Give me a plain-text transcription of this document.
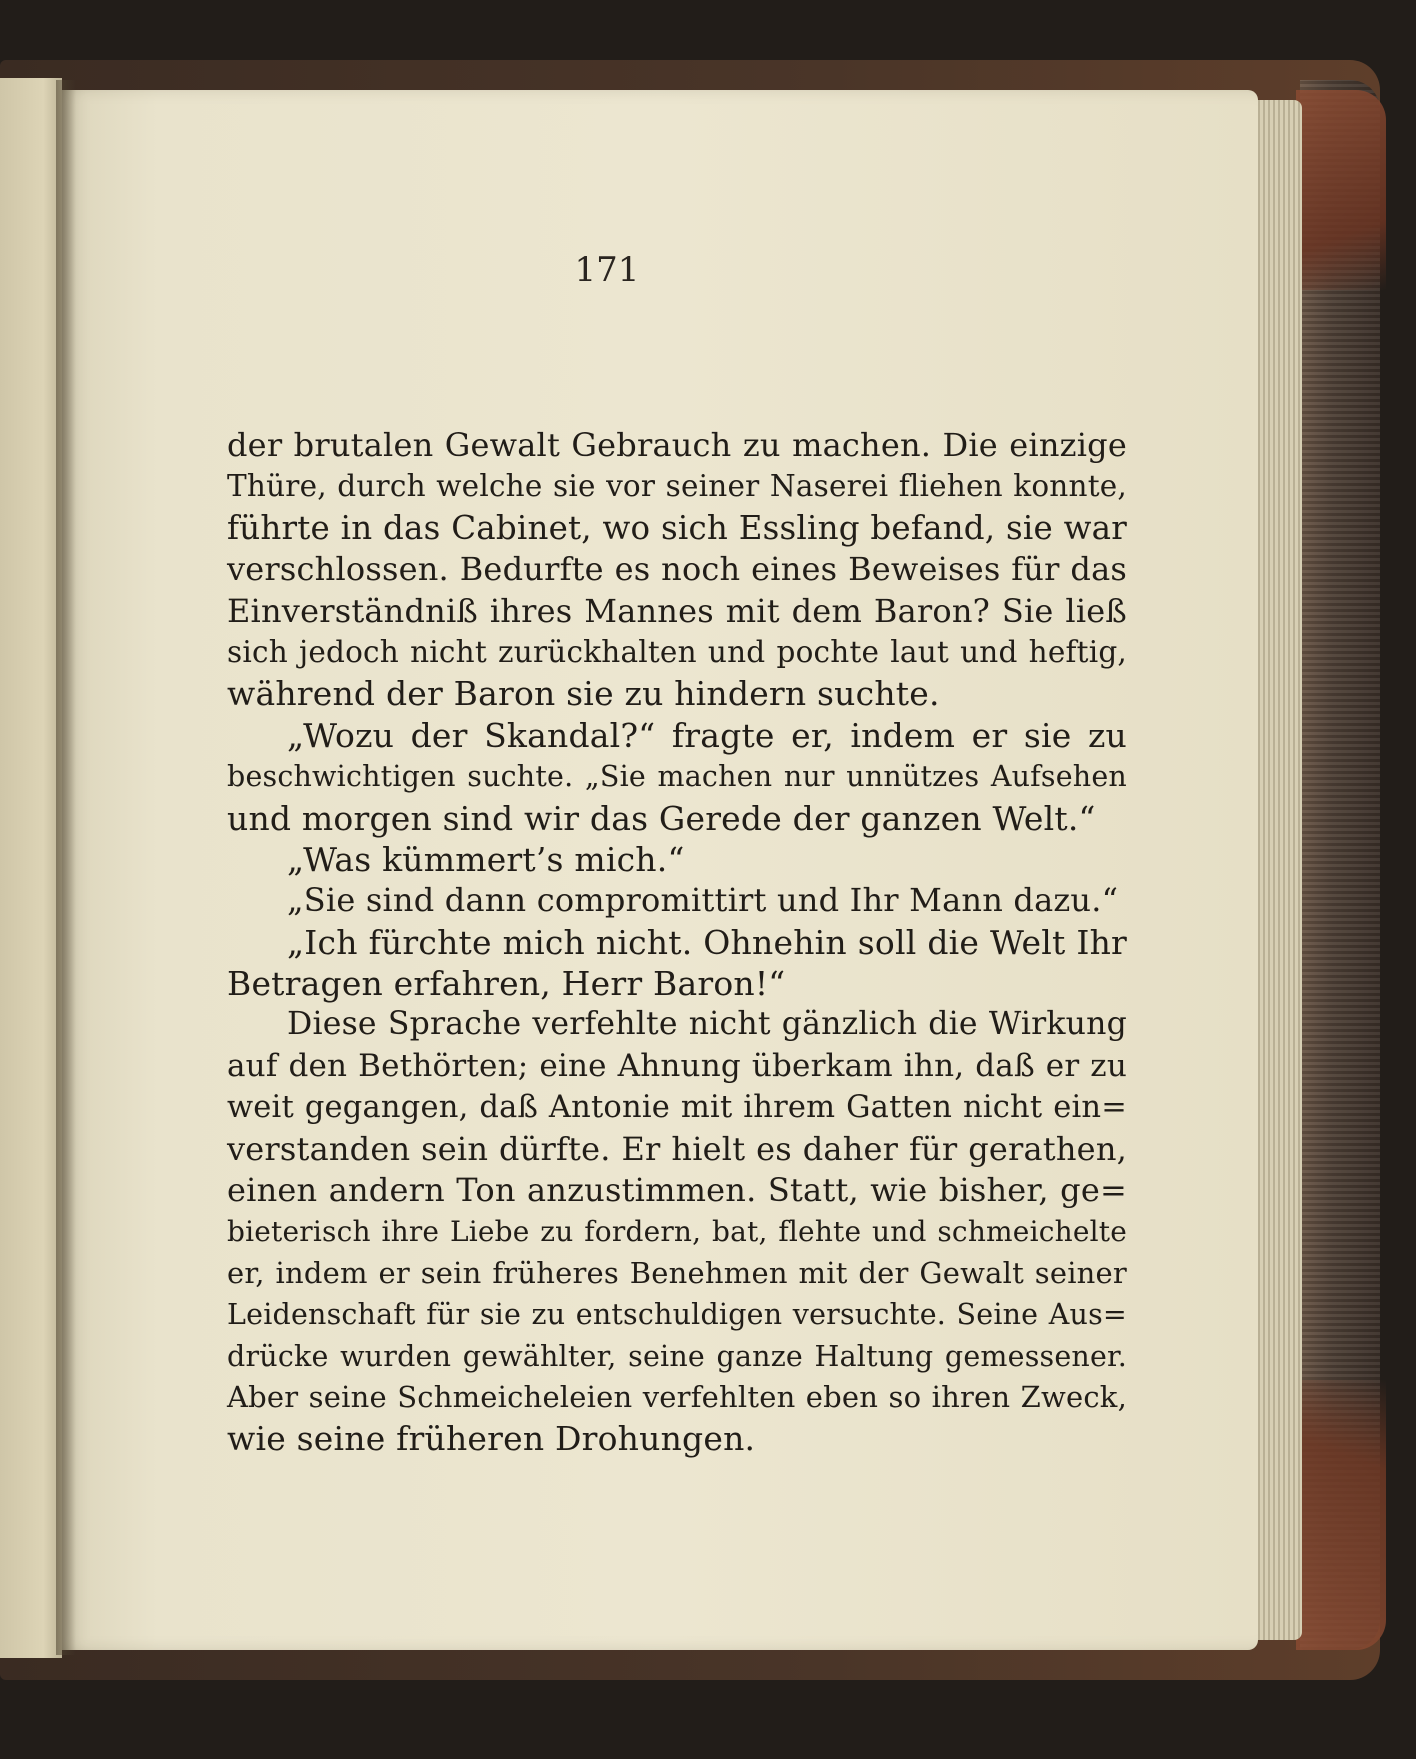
171
der brutalen Gewalt Gebrauch zu machen. Die einzige
Thüre, durch welche sie vor seiner Naserei fliehen konnte,
führte in das Cabinet, wo sich Essling befand, sie war
verschlossen. Bedurfte es noch eines Beweises für das
Einverständniß ihres Mannes mit dem Baron? Sie ließ
sich jedoch nicht zurückhalten und pochte laut und heftig,
während der Baron sie zu hindern suchte.
„Wozu der Skandal?“ fragte er, indem er sie zu
beschwichtigen suchte. „Sie machen nur unnützes Aufsehen
und morgen sind wir das Gerede der ganzen Welt.“
„Was kümmert’s mich.“
„Sie sind dann compromittirt und Ihr Mann dazu.“
„Ich fürchte mich nicht. Ohnehin soll die Welt Ihr
Betragen erfahren, Herr Baron!“
Diese Sprache verfehlte nicht gänzlich die Wirkung
auf den Bethörten; eine Ahnung überkam ihn, daß er zu
weit gegangen, daß Antonie mit ihrem Gatten nicht ein=
verstanden sein dürfte. Er hielt es daher für gerathen,
einen andern Ton anzustimmen. Statt, wie bisher, ge=
bieterisch ihre Liebe zu fordern, bat, flehte und schmeichelte
er, indem er sein früheres Benehmen mit der Gewalt seiner
Leidenschaft für sie zu entschuldigen versuchte. Seine Aus=
drücke wurden gewählter, seine ganze Haltung gemessener.
Aber seine Schmeicheleien verfehlten eben so ihren Zweck,
wie seine früheren Drohungen.
